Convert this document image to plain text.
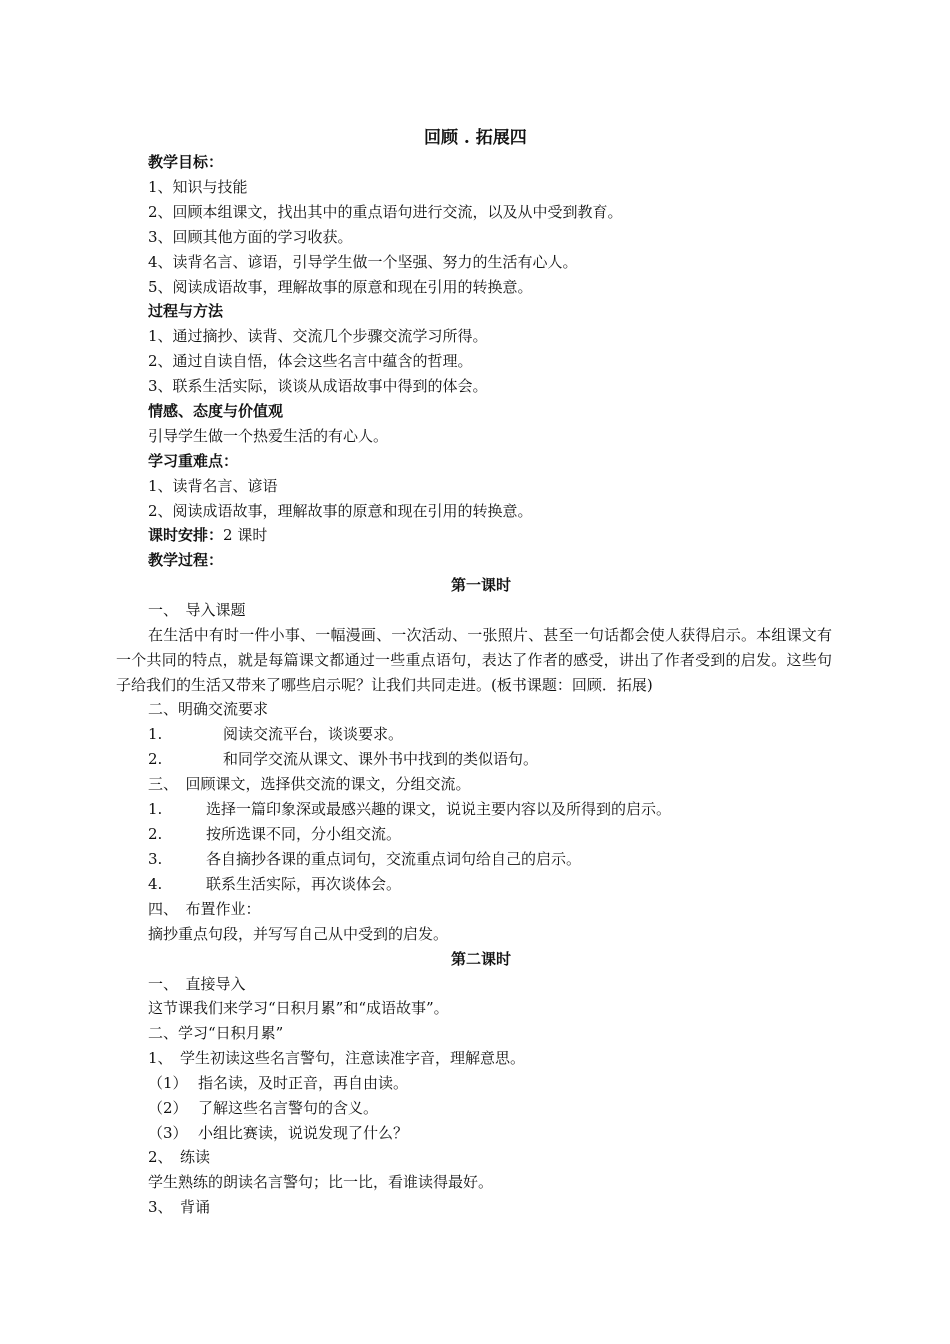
回顾 . 拓展四
教学目标：
1、知识与技能
2、回顾本组课文，找出其中的重点语句进行交流，以及从中受到教育。
3、回顾其他方面的学习收获。
4、读背名言、谚语，引导学生做一个坚强、努力的生活有心人。
5、阅读成语故事，理解故事的原意和现在引用的转换意。
过程与方法
1、通过摘抄、读背、交流几个步骤交流学习所得。
2、通过自读自悟，体会这些名言中蕴含的哲理。
3、联系生活实际，谈谈从成语故事中得到的体会。
情感、态度与价值观
引导学生做一个热爱生活的有心人。
学习重难点：
1、读背名言、谚语
2、阅读成语故事，理解故事的原意和现在引用的转换意。
课时安排：2 课时
教学过程：
第一课时
一、　导入课题
在生活中有时一件小事、一幅漫画、一次活动、一张照片、甚至一句话都会使人获得启示。本组课文有一个共同的特点，就是每篇课文都通过一些重点语句，表达了作者的感受，讲出了作者受到的启发。这些句子给我们的生活又带来了哪些启示呢？让我们共同走进。(板书课题：回顾．拓展)
二、明确交流要求
1.	阅读交流平台，谈谈要求。
2.	和同学交流从课文、课外书中找到的类似语句。
三、　回顾课文，选择供交流的课文，分组交流。
1.	选择一篇印象深或最感兴趣的课文，说说主要内容以及所得到的启示。
2.	按所选课不同，分小组交流。
3.	各自摘抄各课的重点词句，交流重点词句给自己的启示。
4.	联系生活实际，再次谈体会。
四、　布置作业：
摘抄重点句段，并写写自己从中受到的启发。
第二课时
一、　直接导入
这节课我们来学习“日积月累”和“成语故事”。
二、学习“日积月累”
1、　学生初读这些名言警句，注意读准字音，理解意思。
（1） 指名读，及时正音，再自由读。
（2） 了解这些名言警句的含义。
（3） 小组比赛读，说说发现了什么？
2、　练读
学生熟练的朗读名言警句；比一比，看谁读得最好。
3、　背诵
